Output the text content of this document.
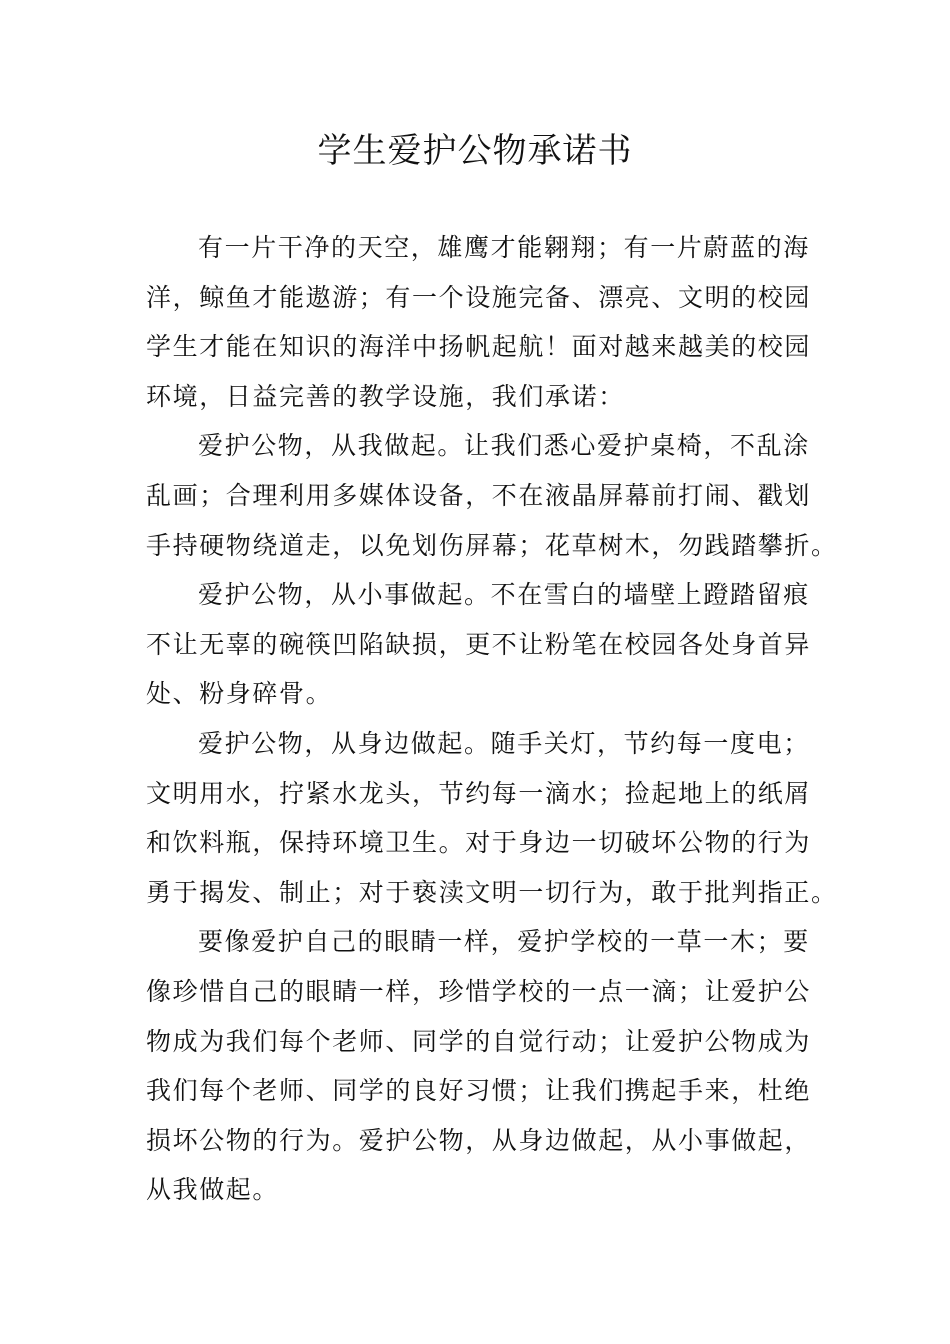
学生爱护公物承诺书

有一片干净的天空，雄鹰才能翱翔；有一片蔚蓝的海
洋，鲸鱼才能遨游；有一个设施完备、漂亮、文明的校园
学生才能在知识的海洋中扬帆起航！面对越来越美的校园
环境，日益完善的教学设施，我们承诺：

爱护公物，从我做起。让我们悉心爱护桌椅，不乱涂
乱画；合理利用多媒体设备，不在液晶屏幕前打闹、戳划
手持硬物绕道走，以免划伤屏幕；花草树木，勿践踏攀折。

爱护公物，从小事做起。不在雪白的墙壁上蹬踏留痕
不让无辜的碗筷凹陷缺损，更不让粉笔在校园各处身首异
处、粉身碎骨。

爱护公物，从身边做起。随手关灯，节约每一度电；
文明用水，拧紧水龙头，节约每一滴水；捡起地上的纸屑
和饮料瓶，保持环境卫生。对于身边一切破坏公物的行为
勇于揭发、制止；对于亵渎文明一切行为，敢于批判指正。

要像爱护自己的眼睛一样，爱护学校的一草一木；要
像珍惜自己的眼睛一样，珍惜学校的一点一滴；让爱护公
物成为我们每个老师、同学的自觉行动；让爱护公物成为
我们每个老师、同学的良好习惯；让我们携起手来，杜绝
损坏公物的行为。爱护公物，从身边做起，从小事做起，
从我做起。
